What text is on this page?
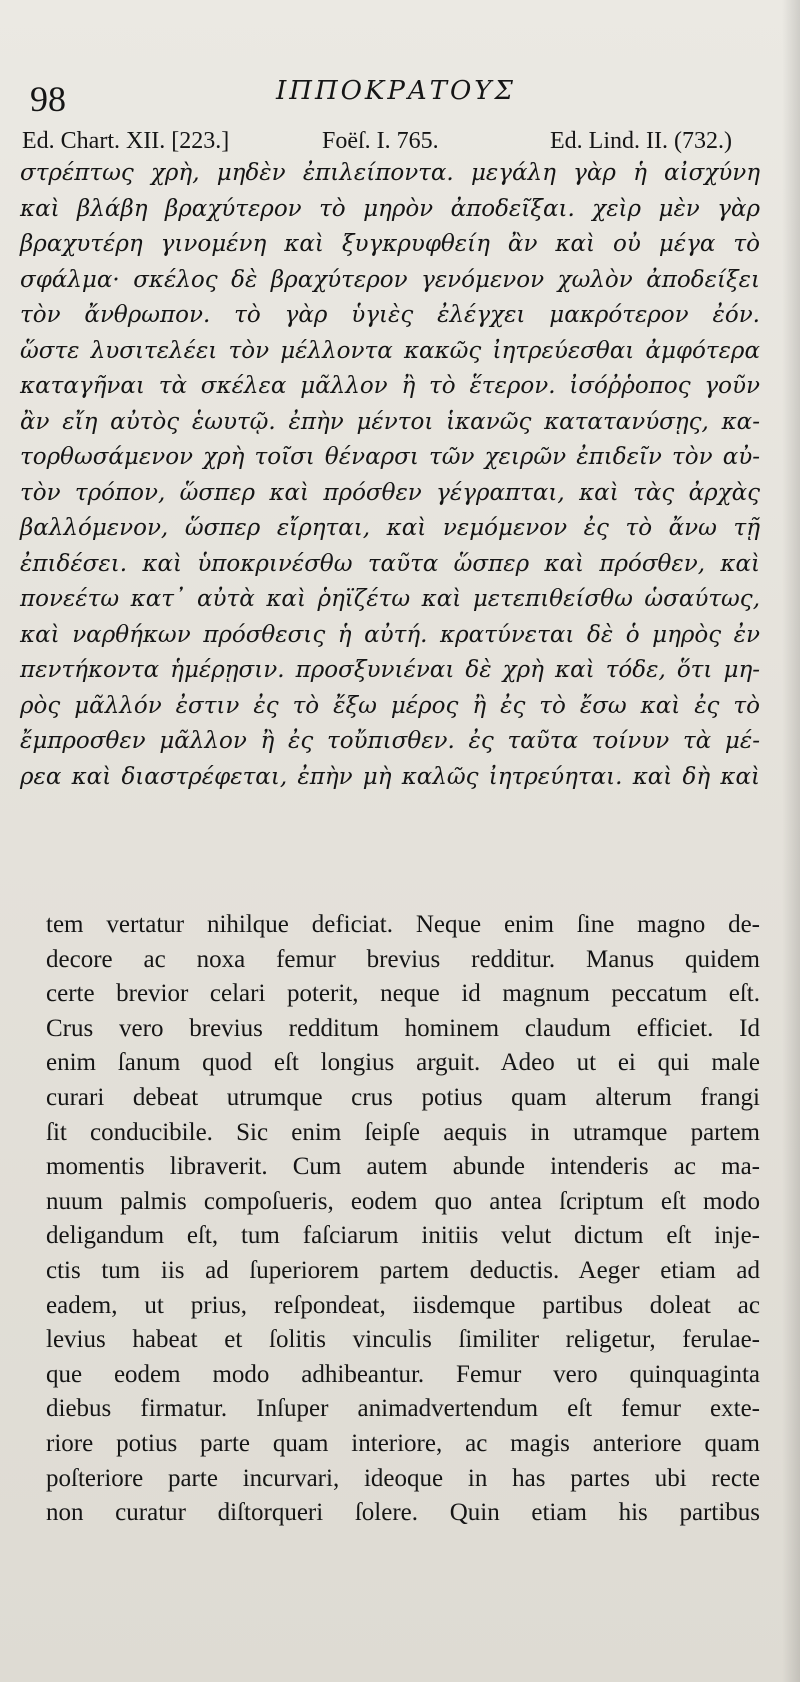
98	ΙΠΠΟΚΡΑΤΟΥΣ
Ed. Chart. XII. [223.]	Foëſ. I. 765.	Ed. Lind. II. (732.)
στρέπτως χρὴ, μηδὲν ἐπιλείποντα. μεγάλη γὰρ ἡ αἰσχύνη
καὶ βλάβη βραχύτερον τὸ μηρὸν ἀποδεῖξαι. χεὶρ μὲν γὰρ
βραχυτέρη γινομένη καὶ ξυγκρυφθείη ἂν καὶ οὐ μέγα τὸ
σφάλμα· σκέλος δὲ βραχύτερον γενόμενον χωλὸν ἀποδείξει
τὸν ἄνθρωπον. τὸ γὰρ ὑγιὲς ἐλέγχει μακρότερον ἐόν.
ὥστε λυσιτελέει τὸν μέλλοντα κακῶς ἰητρεύεσθαι ἀμφότερα
καταγῆναι τὰ σκέλεα μᾶλλον ἢ τὸ ἕτερον. ἰσόῤῥοπος γοῦν
ἂν εἴη αὐτὸς ἑωυτῷ. ἐπὴν μέντοι ἱκανῶς κατατανύσῃς, κα-
τορθωσάμενον χρὴ τοῖσι θέναρσι τῶν χειρῶν ἐπιδεῖν τὸν αὐ-
τὸν τρόπον, ὥσπερ καὶ πρόσθεν γέγραπται, καὶ τὰς ἀρχὰς
βαλλόμενον, ὥσπερ εἴρηται, καὶ νεμόμενον ἐς τὸ ἄνω τῇ
ἐπιδέσει. καὶ ὑποκρινέσθω ταῦτα ὥσπερ καὶ πρόσθεν, καὶ
πονεέτω κατ᾽ αὐτὰ καὶ ῥηϊζέτω καὶ μετεπιθείσθω ὡσαύτως,
καὶ ναρθήκων πρόσθεσις ἡ αὐτή. κρατύνεται δὲ ὁ μηρὸς ἐν
πεντήκοντα ἡμέρῃσιν. προσξυνιέναι δὲ χρὴ καὶ τόδε, ὅτι μη-
ρὸς μᾶλλόν ἐστιν ἐς τὸ ἔξω μέρος ἢ ἐς τὸ ἔσω καὶ ἐς τὸ
ἔμπροσθεν μᾶλλον ἢ ἐς τοὔπισθεν. ἐς ταῦτα τοίνυν τὰ μέ-
ρεα καὶ διαστρέφεται, ἐπὴν μὴ καλῶς ἰητρεύηται. καὶ δὴ καὶ
tem vertatur nihilque deficiat. Neque enim ſine magno de-
decore ac noxa femur brevius redditur. Manus quidem
certe brevior celari poterit, neque id magnum peccatum eſt.
Crus vero brevius redditum hominem claudum efficiet. Id
enim ſanum quod eſt longius arguit. Adeo ut ei qui male
curari debeat utrumque crus potius quam alterum frangi
ſit conducibile. Sic enim ſeipſe aequis in utramque partem
momentis libraverit. Cum autem abunde intenderis ac ma-
nuum palmis compoſueris, eodem quo antea ſcriptum eſt modo
deligandum eſt, tum faſciarum initiis velut dictum eſt inje-
ctis tum iis ad ſuperiorem partem deductis. Aeger etiam ad
eadem, ut prius, reſpondeat, iisdemque partibus doleat ac
levius habeat et ſolitis vinculis ſimiliter religetur, ferulae-
que eodem modo adhibeantur. Femur vero quinquaginta
diebus firmatur. Inſuper animadvertendum eſt femur exte-
riore potius parte quam interiore, ac magis anteriore quam
poſteriore parte incurvari, ideoque in has partes ubi recte
non curatur diſtorqueri ſolere. Quin etiam his partibus
